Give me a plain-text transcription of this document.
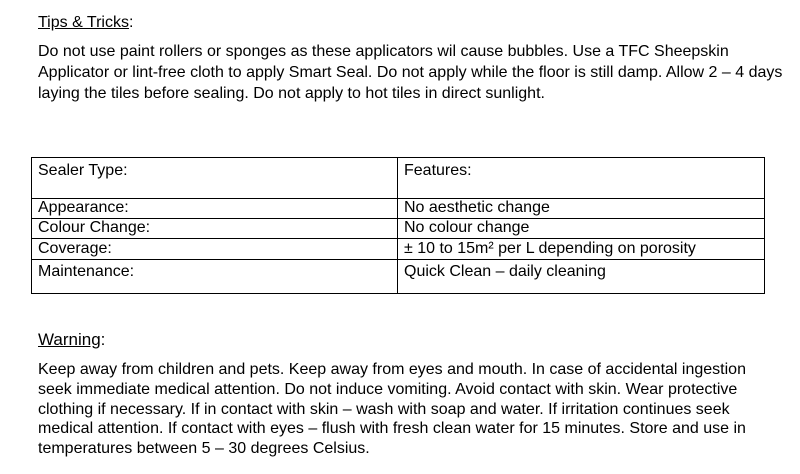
Tips & Tricks:

Do not use paint rollers or sponges as these applicators wil cause bubbles. Use a TFC Sheepskin Applicator or lint-free cloth to apply Smart Seal. Do not apply while the floor is still damp. Allow 2 – 4 days laying the tiles before sealing. Do not apply to hot tiles in direct sunlight.

Sealer Type:	Features:
Appearance:	No aesthetic change
Colour Change:	No colour change
Coverage:	± 10 to 15m² per L depending on porosity
Maintenance:	Quick Clean – daily cleaning
Warning:

Keep away from children and pets. Keep away from eyes and mouth. In case of accidental ingestion seek immediate medical attention. Do not induce vomiting. Avoid contact with skin. Wear protective clothing if necessary. If in contact with skin – wash with soap and water. If irritation continues seek medical attention. If contact with eyes – flush with fresh clean water for 15 minutes. Store and use in temperatures between 5 – 30 degrees Celsius.
